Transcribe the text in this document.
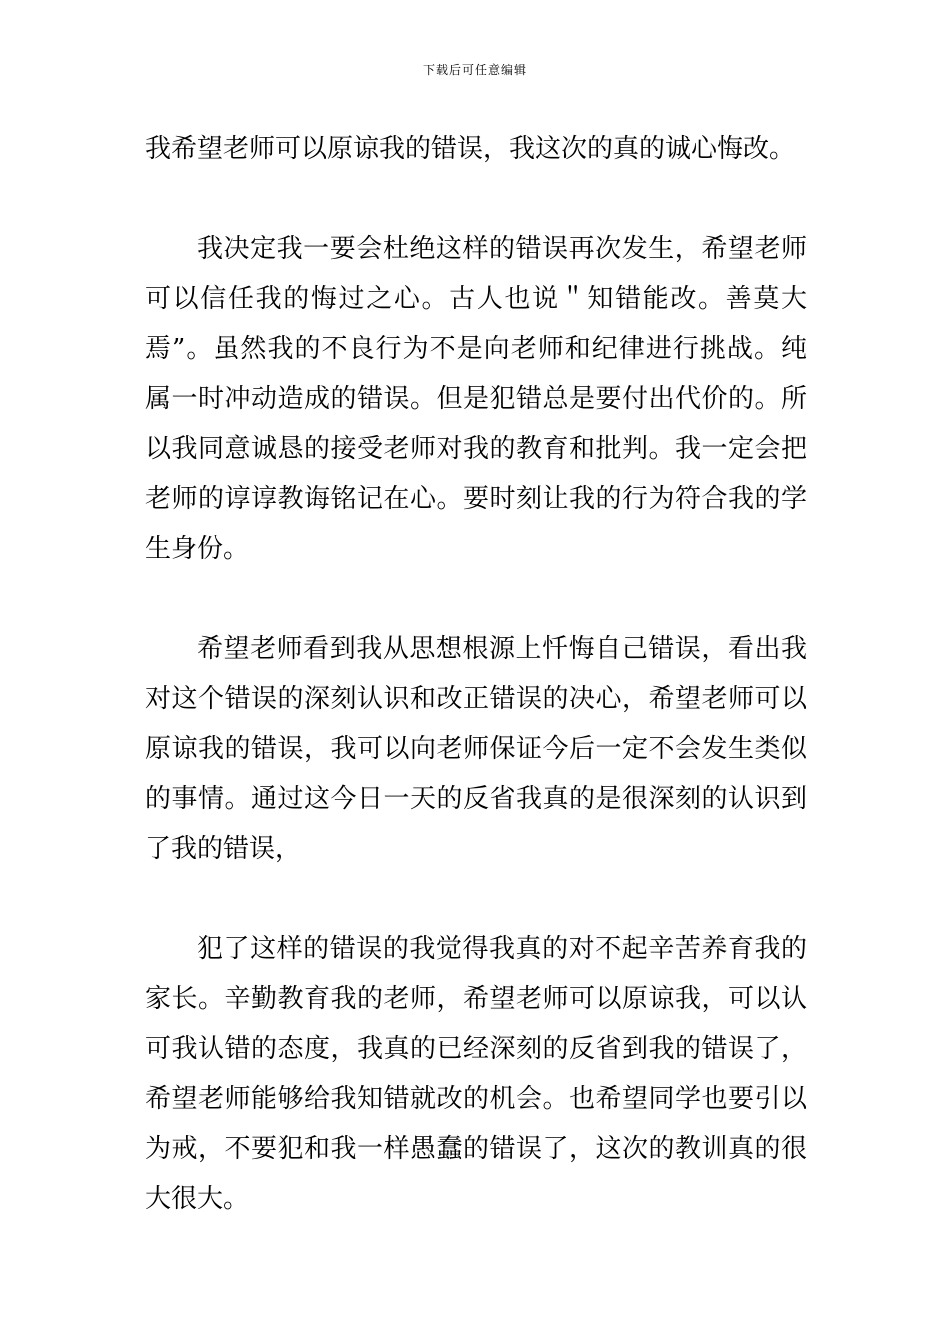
下载后可任意编辑

我希望老师可以原谅我的错误，我这次的真的诚心悔改。

我决定我一要会杜绝这样的错误再次发生，希望老师可以信任我的悔过之心。古人也说＂知错能改。善莫大焉”。虽然我的不良行为不是向老师和纪律进行挑战。纯属一时冲动造成的错误。但是犯错总是要付出代价的。所以我同意诚恳的接受老师对我的教育和批判。我一定会把老师的谆谆教诲铭记在心。要时刻让我的行为符合我的学生身份。

希望老师看到我从思想根源上忏悔自己错误，看出我对这个错误的深刻认识和改正错误的决心，希望老师可以原谅我的错误，我可以向老师保证今后一定不会发生类似的事情。通过这今日一天的反省我真的是很深刻的认识到了我的错误，

犯了这样的错误的我觉得我真的对不起辛苦养育我的家长。辛勤教育我的老师，希望老师可以原谅我，可以认可我认错的态度，我真的已经深刻的反省到我的错误了，希望老师能够给我知错就改的机会。也希望同学也要引以为戒，不要犯和我一样愚蠢的错误了，这次的教训真的很大很大。
